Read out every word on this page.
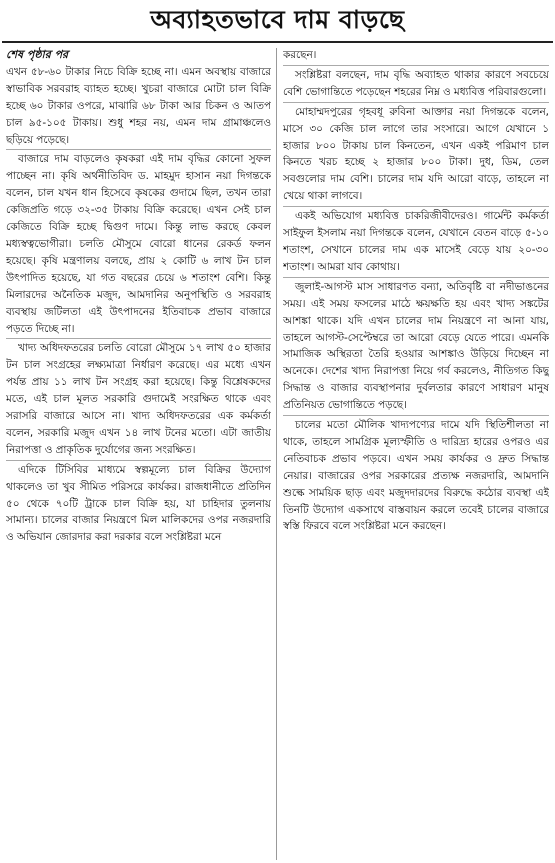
অব্যাহতভাবে দাম বাড়ছে

শেষ পৃষ্ঠার পর

এখন ৫৮-৬০ টাকার নিচে বিক্রি হচ্ছে না। এমন অবস্থায় বাজারে স্বাভাবিক সরবরাহ ব্যাহত হচ্ছে। খুচরা বাজারে মোটা চাল বিক্রি হচ্ছে ৬০ টাকার ওপরে, মাঝারি ৬৮ টাকা আর চিকন ও আতপ চাল ৯৫-১০৫ টাকায়। শুধু শহর নয়, এমন দাম গ্রামাঞ্চলেও ছড়িয়ে পড়েছে।

বাজারে দাম বাড়লেও কৃষকরা এই দাম বৃদ্ধির কোনো সুফল পাচ্ছেন না। কৃষি অর্থনীতিবিদ ড. মাহমুদ হাসান নয়া দিগন্তকে বলেন, চাল যখন ধান হিসেবে কৃষকের গুদামে ছিল, তখন তারা কেজিপ্রতি গড়ে ৩২-৩৫ টাকায় বিক্রি করেছে। এখন সেই চাল কেজিতে বিক্রি হচ্ছে দ্বিগুণ দামে। কিন্তু লাভ করছে কেবল মধ্যস্বত্বভোগীরা। চলতি মৌসুমে বোরো ধানের রেকর্ড ফলন হয়েছে। কৃষি মন্ত্রণালয় বলছে, প্রায় ২ কোটি ৬ লাখ টন চাল উৎপাদিত হয়েছে, যা গত বছরের চেয়ে ৬ শতাংশ বেশি। কিন্তু মিলারদের অনৈতিক মজুদ, আমদানির অনুপস্থিতি ও সরবরাহ ব্যবস্থায় জটিলতা এই উৎপাদনের ইতিবাচক প্রভাব বাজারে পড়তে দিচ্ছে না।

খাদ্য অধিদফতরের চলতি বোরো মৌসুমে ১৭ লাখ ৫০ হাজার টন চাল সংগ্রহের লক্ষ্যমাত্রা নির্ধারণ করেছে। এর মধ্যে এখন পর্যন্ত প্রায় ১১ লাখ টন সংগ্রহ করা হয়েছে। কিন্তু বিশ্লেষকদের মতে, এই চাল মূলত সরকারি গুদামেই সংরক্ষিত থাকে এবং সরাসরি বাজারে আসে না। খাদ্য অধিদফতরের এক কর্মকর্তা বলেন, সরকারি মজুদ এখন ১৪ লাখ টনের মতো। এটা জাতীয় নিরাপত্তা ও প্রাকৃতিক দুর্যোগের জন্য সংরক্ষিত।

এদিকে টিসিবির মাধ্যমে স্বল্পমূল্যে চাল বিক্রির উদ্যোগ থাকলেও তা খুব সীমিত পরিসরে কার্যকর। রাজধানীতে প্রতিদিন ৫০ থেকে ৭০টি ট্রাকে চাল বিক্রি হয়, যা চাহিদার তুলনায় সামান্য। চালের বাজার নিয়ন্ত্রণে মিল মালিকদের ওপর নজরদারি ও অভিযান জোরদার করা দরকার বলে সংশ্লিষ্টরা মনে

করছেন।

সংশ্লিষ্টরা বলছেন, দাম বৃদ্ধি অব্যাহত থাকার কারণে সবচেয়ে বেশি ভোগান্তিতে পড়েছেন শহরের নিম্ন ও মধ্যবিত্ত পরিবারগুলো।

মোহাম্মদপুরের গৃহবধূ রুবিনা আক্তার নয়া দিগন্তকে বলেন, মাসে ৩০ কেজি চাল লাগে তার সংসারে। আগে যেখানে ১ হাজার ৮০০ টাকায় চাল কিনতেন, এখন একই পরিমাণ চাল কিনতে খরচ হচ্ছে ২ হাজার ৮০০ টাকা। দুধ, ডিম, তেল সবগুলোর দাম বেশি। চালের দাম যদি আরো বাড়ে, তাহলে না খেয়ে থাকা লাগবে।

একই অভিযোগ মধ্যবিত্ত চাকরিজীবীদেরও। গার্মেন্ট কর্মকর্তা সাইফুল ইসলাম নয়া দিগন্তকে বলেন, যেখানে বেতন বাড়ে ৫-১০ শতাংশ, সেখানে চালের দাম এক মাসেই বেড়ে যায় ২০-৩০ শতাংশ। আমরা যাব কোথায়।

জুলাই-আগস্ট মাস সাধারণত বন্যা, অতিবৃষ্টি বা নদীভাঙনের সময়। এই সময় ফসলের মাঠে ক্ষয়ক্ষতি হয় এবং খাদ্য সঙ্কটের আশঙ্কা থাকে। যদি এখন চালের দাম নিয়ন্ত্রণে না আনা যায়, তাহলে আগস্ট-সেপ্টেম্বরে তা আরো বেড়ে যেতে পারে। এমনকি সামাজিক অস্থিরতা তৈরি হওয়ার আশঙ্কাও উড়িয়ে দিচ্ছেন না অনেকে। দেশের খাদ্য নিরাপত্তা নিয়ে গর্ব করলেও, নীতিগত কিছু সিদ্ধান্ত ও বাজার ব্যবস্থাপনার দুর্বলতার কারণে সাধারণ মানুষ প্রতিনিয়ত ভোগান্তিতে পড়ছে।

চালের মতো মৌলিক খাদ্যপণ্যের দামে যদি স্থিতিশীলতা না থাকে, তাহলে সামগ্রিক মূল্যস্ফীতি ও দারিদ্র্য হারের ওপরও এর নেতিবাচক প্রভাব পড়বে। এখন সময় কার্যকর ও দ্রুত সিদ্ধান্ত নেয়ার। বাজারের ওপর সরকারের প্রত্যক্ষ নজরদারি, আমদানি শুল্কে সাময়িক ছাড় এবং মজুদদারদের বিরুদ্ধে কঠোর ব্যবস্থা এই তিনটি উদ্যোগ একসাথে বাস্তবায়ন করলে তবেই চালের বাজারে স্বস্তি ফিরবে বলে সংশ্লিষ্টরা মনে করছেন।
